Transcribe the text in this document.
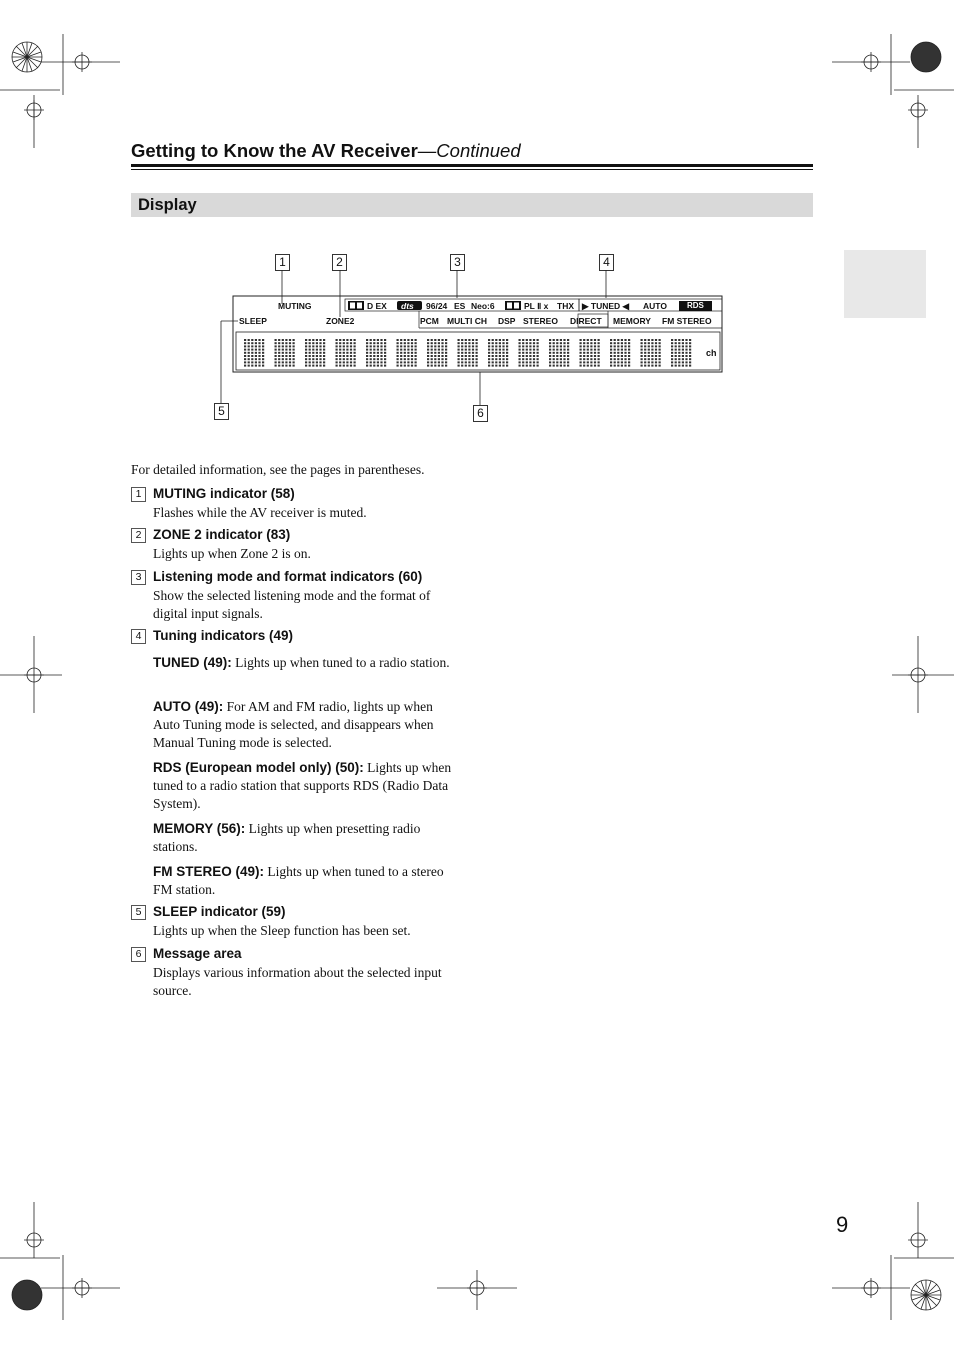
Getting to Know the AV Receiver—Continued
Display
1	2	3	4
5	6
MUTING
SLEEP	ZONE2
D EX dts 96/24 ES Neo:6	PL Ⅱ x THX ▶ TUNED ◀ AUTO	RDS
PCM MULTI CH DSP STEREO DIRECT MEMORY FM STEREO
ch
For detailed information, see the pages in parentheses.
1 MUTING indicator (58)
Flashes while the AV receiver is muted.
2 ZONE 2 indicator (83)
Lights up when Zone 2 is on.
3 Listening mode and format indicators (60)
Show the selected listening mode and the format of digital input signals.
4 Tuning indicators (49)
TUNED (49): Lights up when tuned to a radio station.
AUTO (49): For AM and FM radio, lights up when Auto Tuning mode is selected, and disappears when Manual Tuning mode is selected.
RDS (European model only) (50): Lights up when tuned to a radio station that supports RDS (Radio Data System).
MEMORY (56): Lights up when presetting radio stations.
FM STEREO (49): Lights up when tuned to a stereo FM station.
5 SLEEP indicator (59)
Lights up when the Sleep function has been set.
6 Message area
Displays various information about the selected input source.
9
